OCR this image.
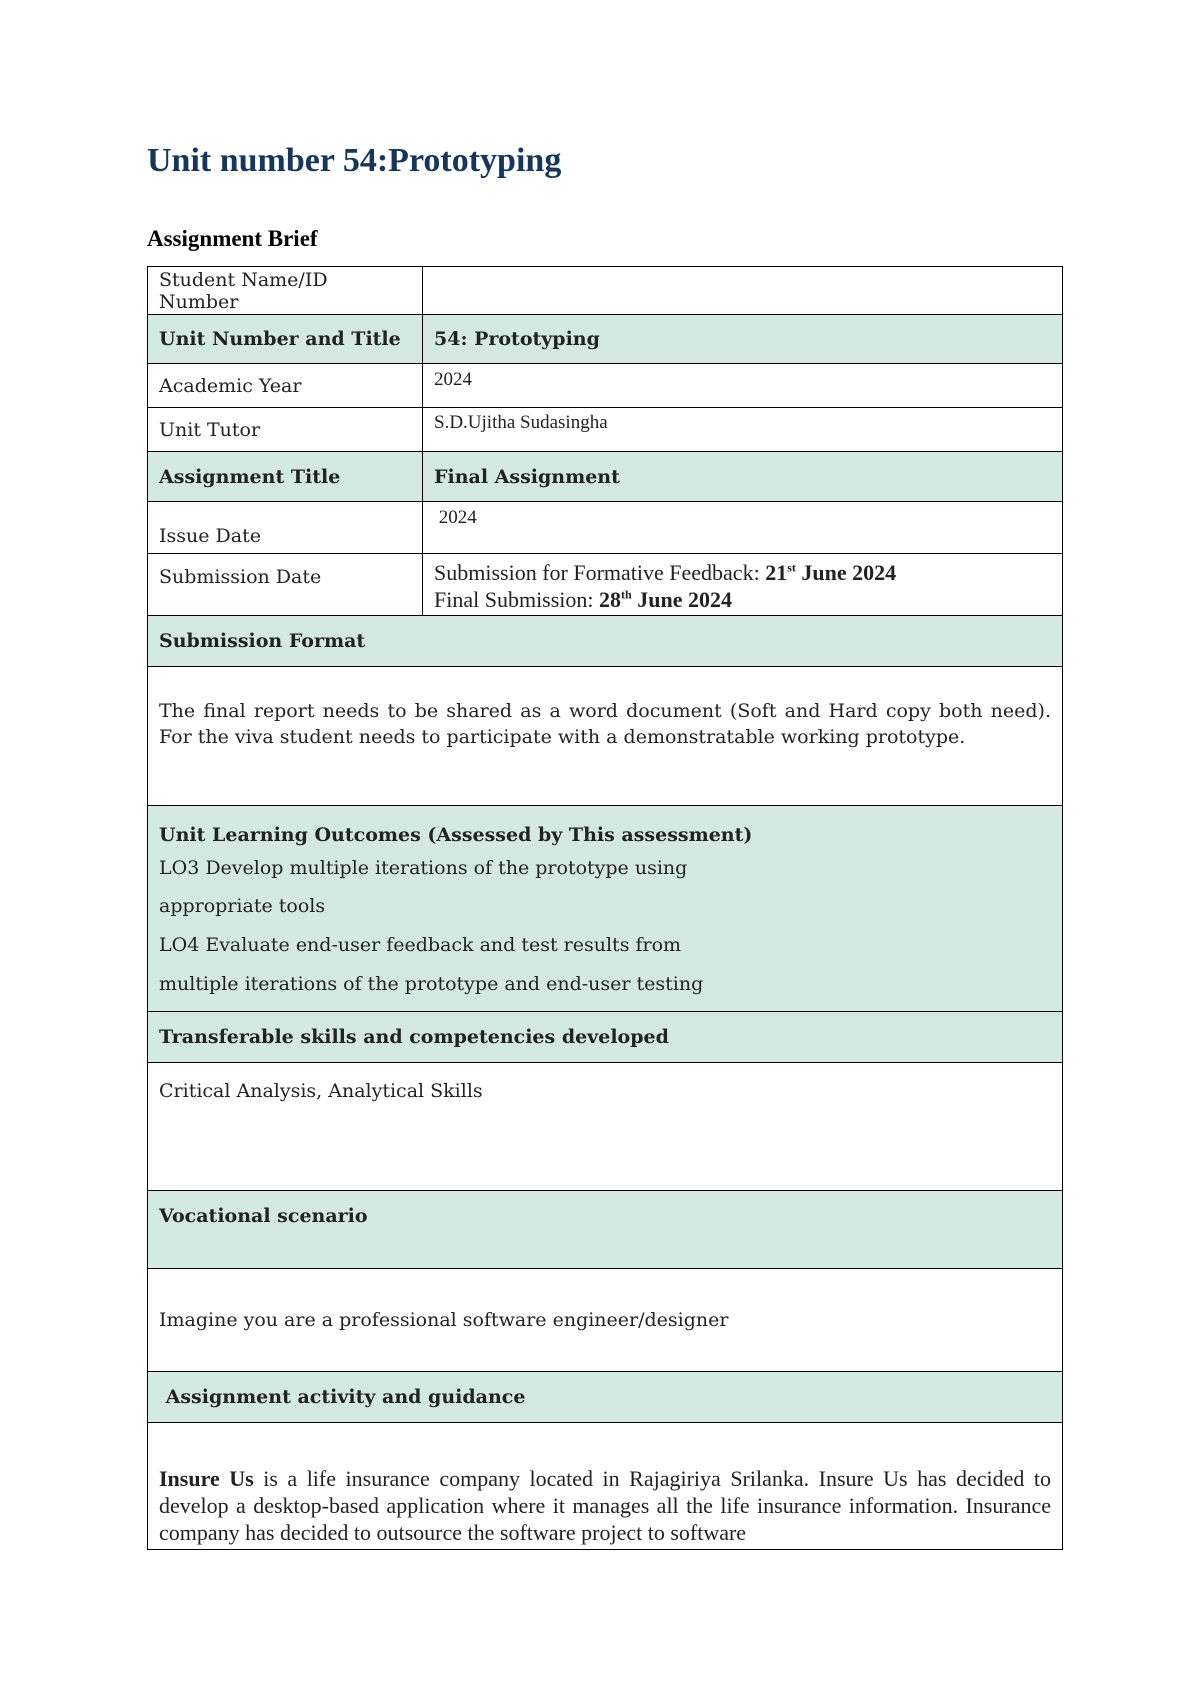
Unit number 54:Prototyping
Assignment Brief
Student Name/ID Number	
Unit Number and Title	54: Prototyping
Academic Year	2024
Unit Tutor	S.D.Ujitha Sudasingha
Assignment Title	Final Assignment
Issue Date	2024
Submission Date	Submission for Formative Feedback: 21st June 2024
Final Submission: 28th June 2024

Submission Format	

The final report needs to be shared as a word document (Soft and Hard copy both need). For the viva student needs to participate with a demonstratable working prototype.	

Unit Learning Outcomes (Assessed by This assessment)

LO3 Develop multiple iterations of the prototype using

appropriate tools

LO4 Evaluate end-user feedback and test results from

multiple iterations of the prototype and end-user testing	

Transferable skills and competencies developed	
Critical Analysis, Analytical Skills	
Vocational scenario	
Imagine you are a professional software engineer/designer	
Assignment activity and guidance	

Insure Us is a life insurance company located in Rajagiriya Srilanka. Insure Us has decided to develop a desktop-based application where it manages all the life insurance information. Insurance company has decided to outsource the software project to software	
